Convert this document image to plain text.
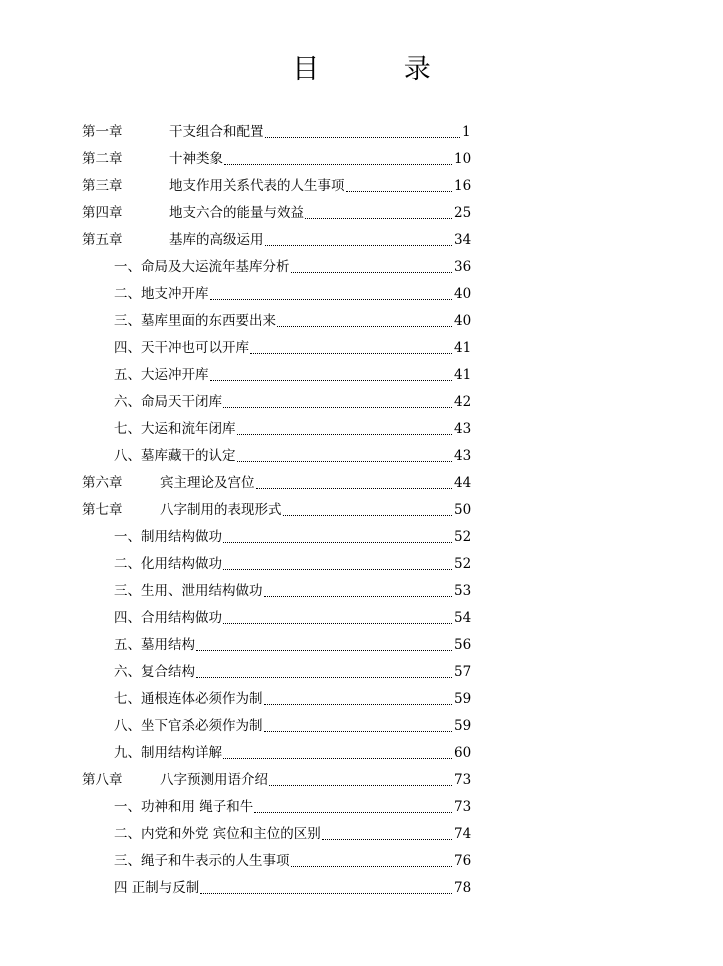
目 录
第一章	干支组合和配置	1
第二章	十神类象	10
第三章	地支作用关系代表的人生事项	16
第四章	地支六合的能量与效益	25
第五章	基库的高级运用	34
一、命局及大运流年基库分析	36
二、地支冲开库	40
三、墓库里面的东西要出来	40
四、天干冲也可以开库	41
五、大运冲开库	41
六、命局天干闭库	42
七、大运和流年闭库	43
八、墓库藏干的认定	43
第六章	宾主理论及宫位	44
第七章	八字制用的表现形式	50
一、制用结构做功	52
二、化用结构做功	52
三、生用、泄用结构做功	53
四、合用结构做功	54
五、墓用结构	56
六、复合结构	57
七、通根连体必须作为制	59
八、坐下官杀必须作为制	59
九、制用结构详解	60
第八章	八字预测用语介绍	73
一、功神和用 绳子和牛	73
二、内党和外党 宾位和主位的区别	74
三、绳子和牛表示的人生事项	76
四 正制与反制	78
